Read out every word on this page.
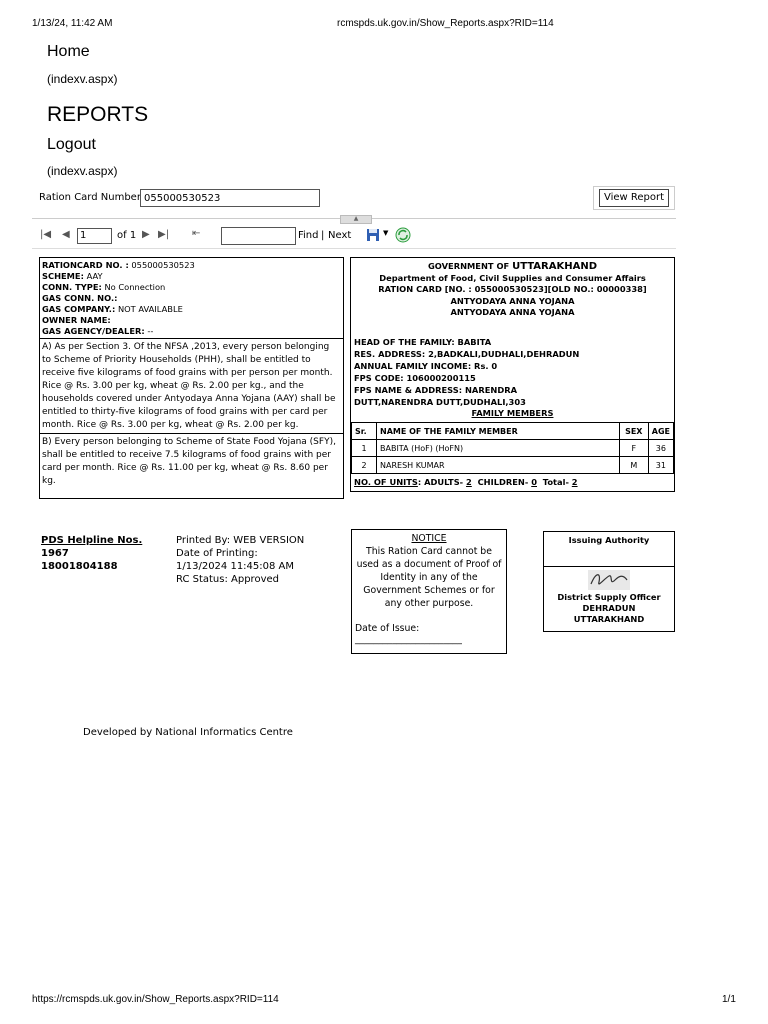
1/13/24, 11:42 AM	rcmspds.uk.gov.in/Show_Reports.aspx?RID=114
Home
(indexv.aspx)
REPORTS
Logout
(indexv.aspx)
Ration Card Number 055000530523	View Report
▲
|◀ ◀	1	of 1 ▶ ▶| ⇤	Find | Next	▼
RATIONCARD NO. : 055000530523
SCHEME: AAY
CONN. TYPE: No Connection
GAS CONN. NO.:
GAS COMPANY.: NOT AVAILABLE
OWNER NAME:
GAS AGENCY/DEALER: --
A) As per Section 3. Of the NFSA ,2013, every person belonging to Scheme of Priority Households (PHH), shall be entitled to receive five kilograms of food grains with per person per month. Rice @ Rs. 3.00 per kg, wheat @ Rs. 2.00 per kg., and the households covered under Antyodaya Anna Yojana (AAY) shall be entitled to thirty-five kilograms of food grains with per card per month. Rice @ Rs. 3.00 per kg, wheat @ Rs. 2.00 per kg.
B) Every person belonging to Scheme of State Food Yojana (SFY), shall be entitled to receive 7.5 kilograms of food grains with per card per month. Rice @ Rs. 11.00 per kg, wheat @ Rs. 8.60 per kg.
GOVERNMENT OF UTTARAKHAND
Department of Food, Civil Supplies and Consumer Affairs
RATION CARD [NO. : 055000530523][OLD NO.: 00000338]
ANTYODAYA ANNA YOJANA
ANTYODAYA ANNA YOJANA
HEAD OF THE FAMILY: BABITA
RES. ADDRESS: 2,BADKALI,DUDHALI,DEHRADUN
ANNUAL FAMILY INCOME: Rs. 0
FPS CODE: 106000200115
FPS NAME & ADDRESS: NARENDRA DUTT,NARENDRA DUTT,DUDHALI,303
FAMILY MEMBERS
Sr.	NAME OF THE FAMILY MEMBER	SEX	AGE
1	BABITA (HoF) (HoFN)	F	36
2	NARESH KUMAR	M	31
NO. OF UNITS: ADULTS- 2 CHILDREN- 0 Total- 2
PDS Helpline Nos.
1967
18001804188
Printed By: WEB VERSION
Date of Printing:
1/13/2024 11:45:08 AM
RC Status: Approved
NOTICE
This Ration Card cannot be used as a document of Proof of Identity in any of the Government Schemes or for any other purpose.
Date of Issue:
_______________________
Issuing Authority
District Supply Officer
DEHRADUN
UTTARAKHAND
Developed by National Informatics Centre
https://rcmspds.uk.gov.in/Show_Reports.aspx?RID=114	1/1
